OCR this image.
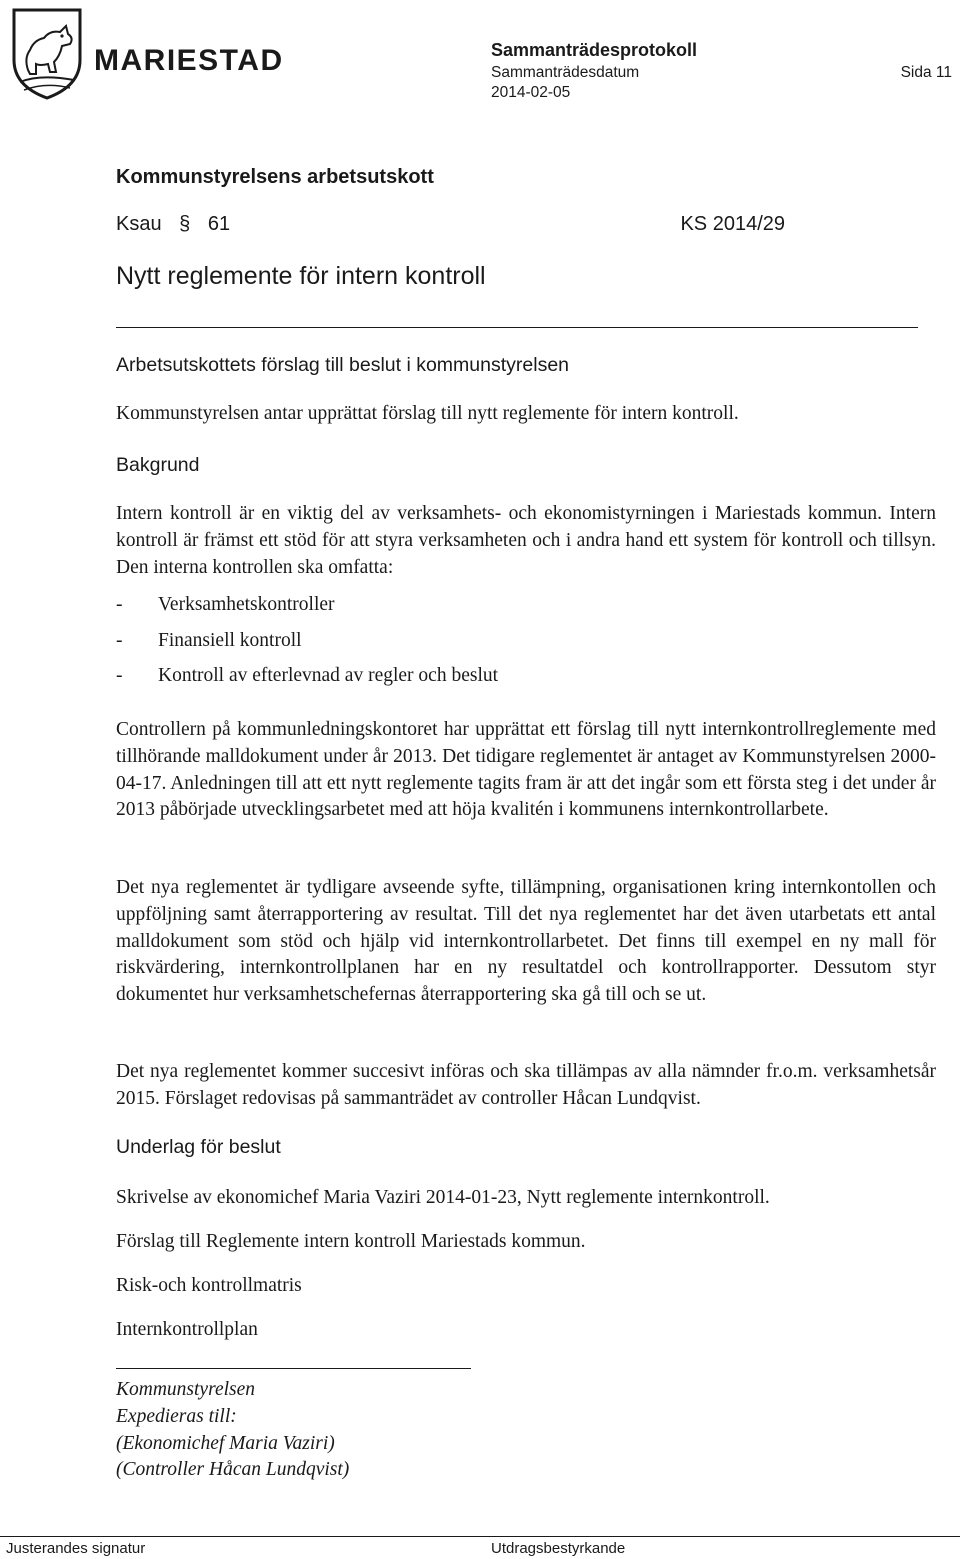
MARIESTAD	Sammanträdesprotokoll
Sammanträdesdatum
2014-02-05
Sida 11
Kommunstyrelsens arbetsutskott
Ksau § 61	KS 2014/29
Nytt reglemente för intern kontroll
Arbetsutskottets förslag till beslut i kommunstyrelsen

Kommunstyrelsen antar upprättat förslag till nytt reglemente för intern kontroll.

Bakgrund

Intern kontroll är en viktig del av verksamhets- och ekonomistyrningen i Mariestads kommun. Intern kontroll är främst ett stöd för att styra verksamheten och i andra hand ett system för kontroll och tillsyn. Den interna kontrollen ska omfatta:

-	Verksamhetskontroller
-	Finansiell kontroll
-	Kontroll av efterlevnad av regler och beslut

Controllern på kommunledningskontoret har upprättat ett förslag till nytt internkontrollreglemente med tillhörande malldokument under år 2013. Det tidigare reglementet är antaget av Kommunstyrelsen 2000-04-17. Anledningen till att ett nytt reglemente tagits fram är att det ingår som ett första steg i det under år 2013 påbörjade utvecklingsarbetet med att höja kvalitén i kommunens internkontrollarbete.

Det nya reglementet är tydligare avseende syfte, tillämpning, organisationen kring internkontollen och uppföljning samt återrapportering av resultat. Till det nya reglementet har det även utarbetats ett antal malldokument som stöd och hjälp vid internkontrollarbetet. Det finns till exempel en ny mall för riskvärdering, internkontrollplanen har en ny resultatdel och kontrollrapporter. Dessutom styr dokumentet hur verksamhetschefernas återrapportering ska gå till och se ut.

Det nya reglementet kommer succesivt införas och ska tillämpas av alla nämnder fr.o.m. verksamhetsår 2015. Förslaget redovisas på sammanträdet av controller Håcan Lundqvist.

Underlag för beslut
Skrivelse av ekonomichef Maria Vaziri 2014-01-23, Nytt reglemente internkontroll.
Förslag till Reglemente intern kontroll Mariestads kommun.
Risk-och kontrollmatris
Internkontrollplan
Kommunstyrelsen
Expedieras till:
(Ekonomichef Maria Vaziri)
(Controller Håcan Lundqvist)
Justerandes signatur	Utdragsbestyrkande
